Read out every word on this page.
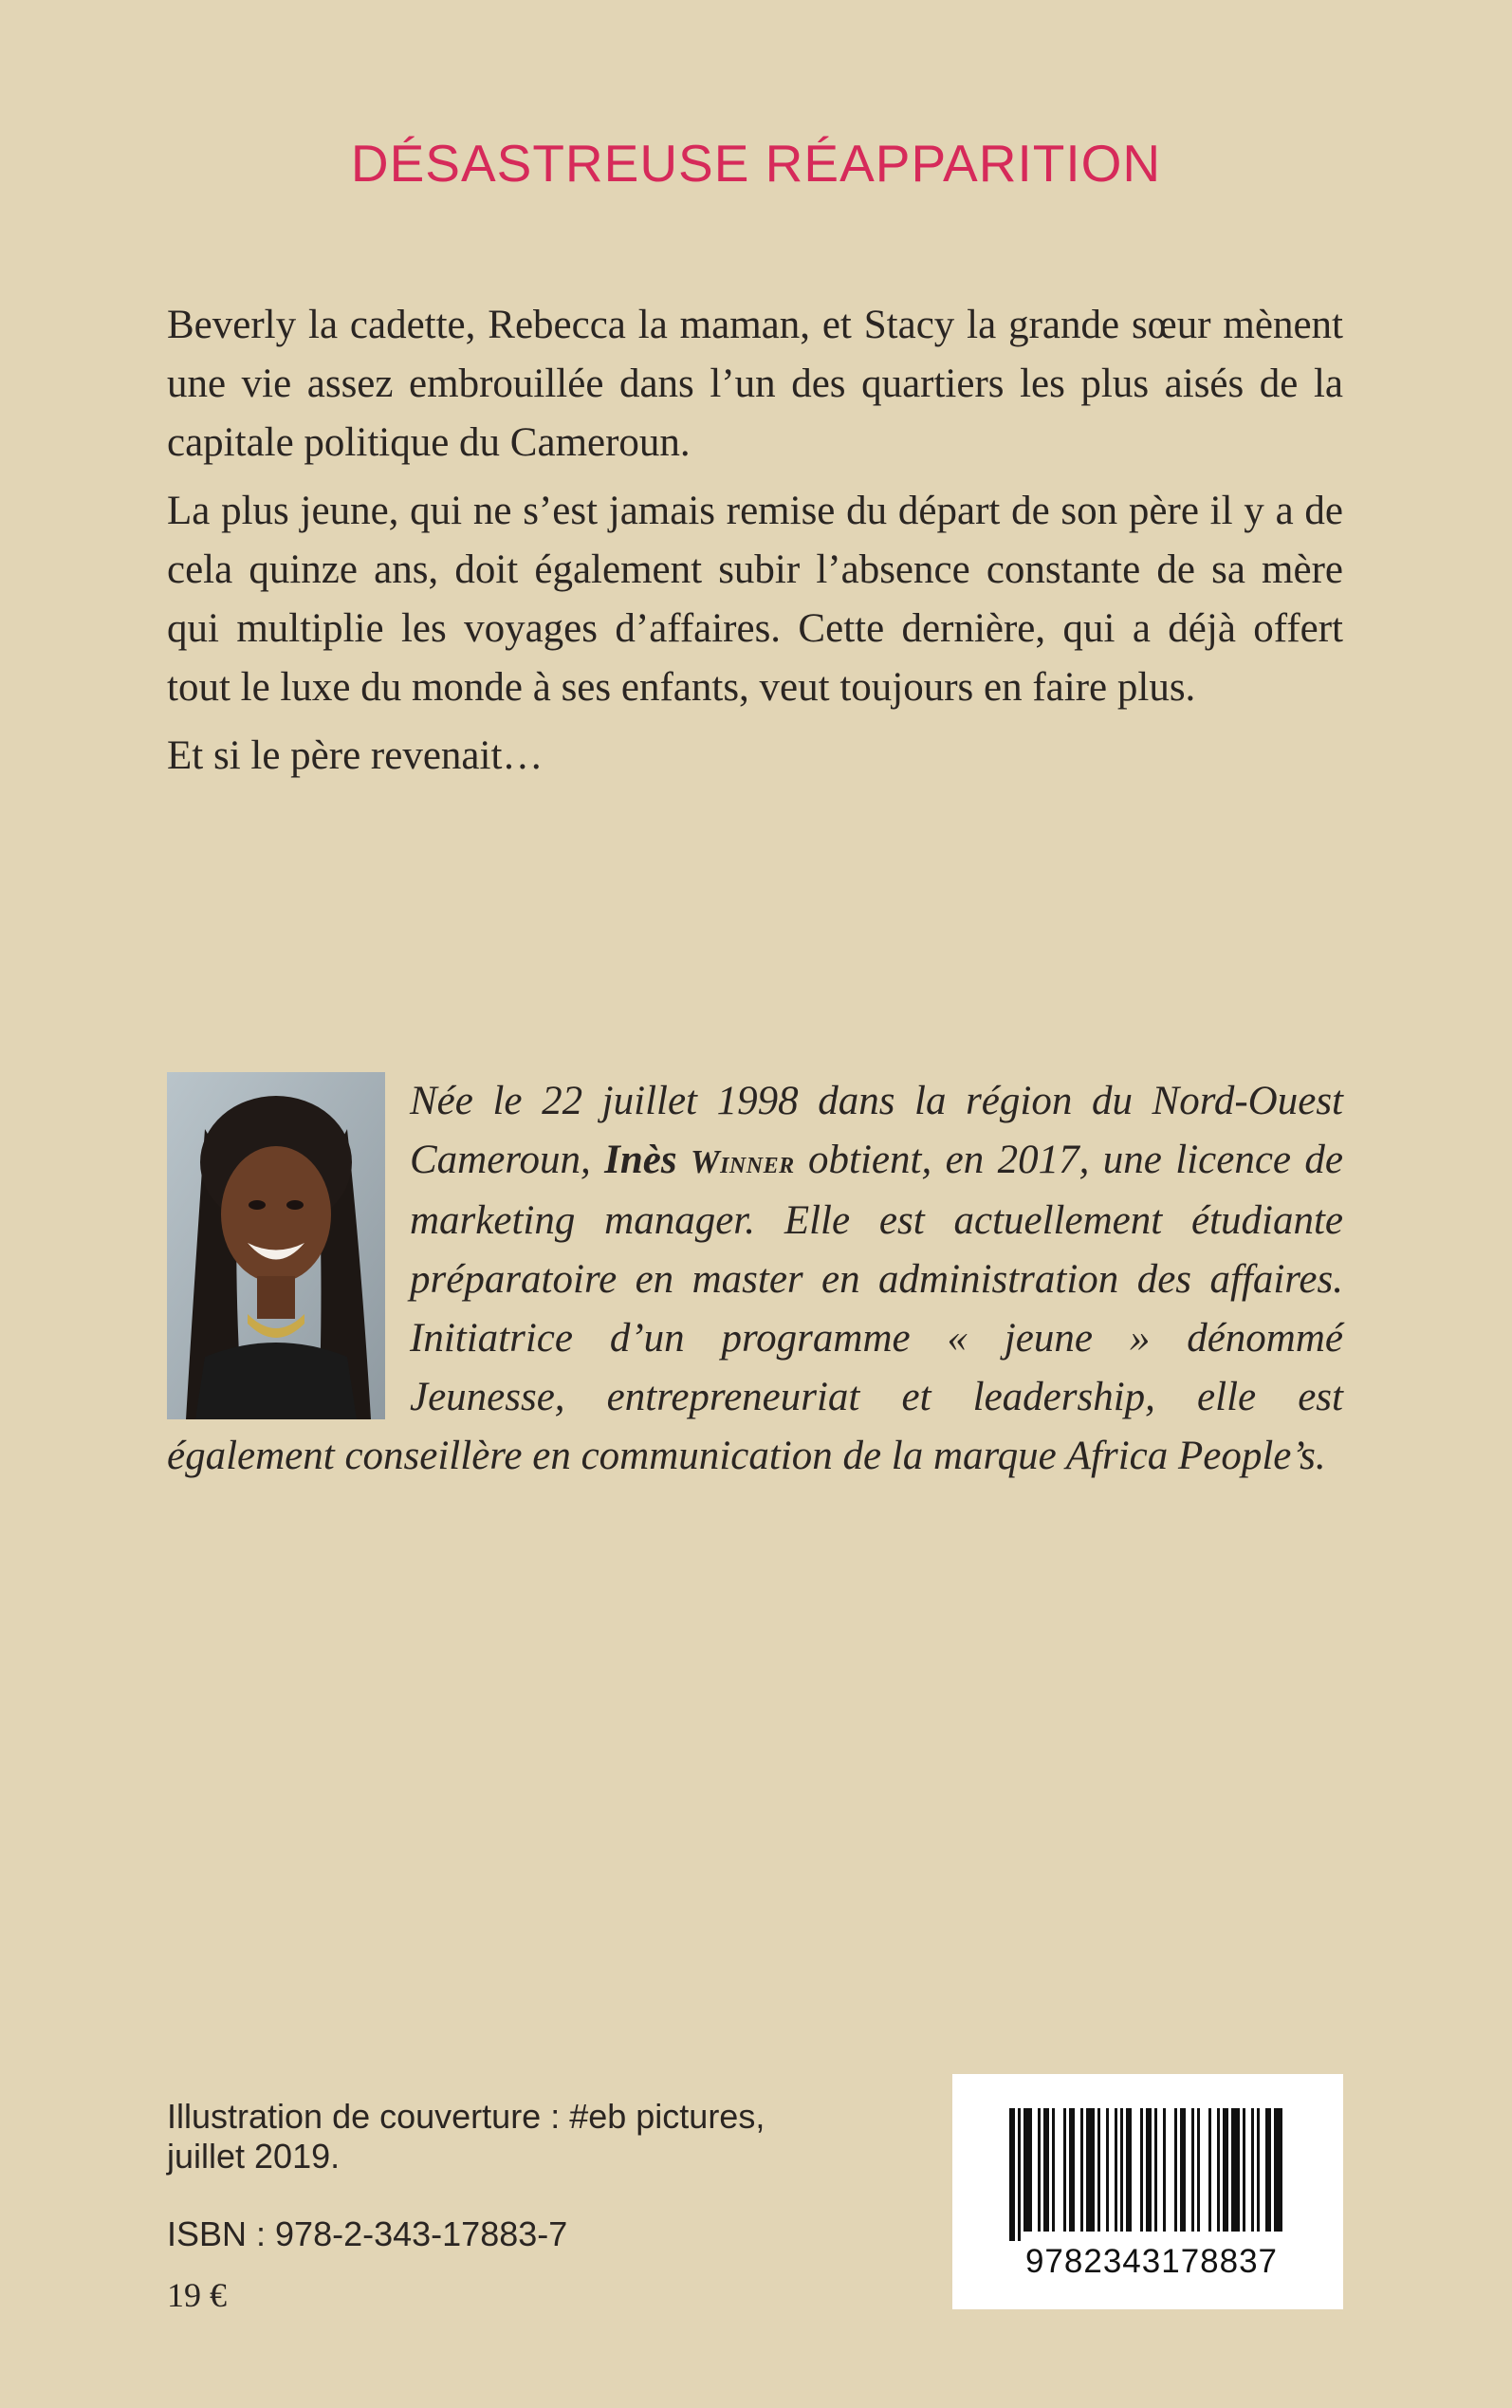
DÉSASTREUSE RÉAPPARITION

Beverly la cadette, Rebecca la maman, et Stacy la grande sœur mènent une vie assez embrouillée dans l’un des quartiers les plus aisés de la capitale politique du Cameroun.

La plus jeune, qui ne s’est jamais remise du départ de son père il y a de cela quinze ans, doit également subir l’absence constante de sa mère qui multiplie les voyages d’affaires. Cette dernière, qui a déjà offert tout le luxe du monde à ses enfants, veut toujours en faire plus.

Et si le père revenait…

Née le 22 juillet 1998 dans la région du Nord-Ouest Cameroun, Inès Winner obtient, en 2017, une licence de marketing manager. Elle est actuellement étudiante préparatoire en master en administration des affaires. Initiatrice d’un programme « jeune » dénommé Jeunesse, entrepreneuriat et leadership, elle est également conseillère en communication de la marque Africa People’s.
Illustration de couverture : #eb pictures, juillet 2019.
ISBN : 978-2-343-17883-7
19 €
9782343178837
